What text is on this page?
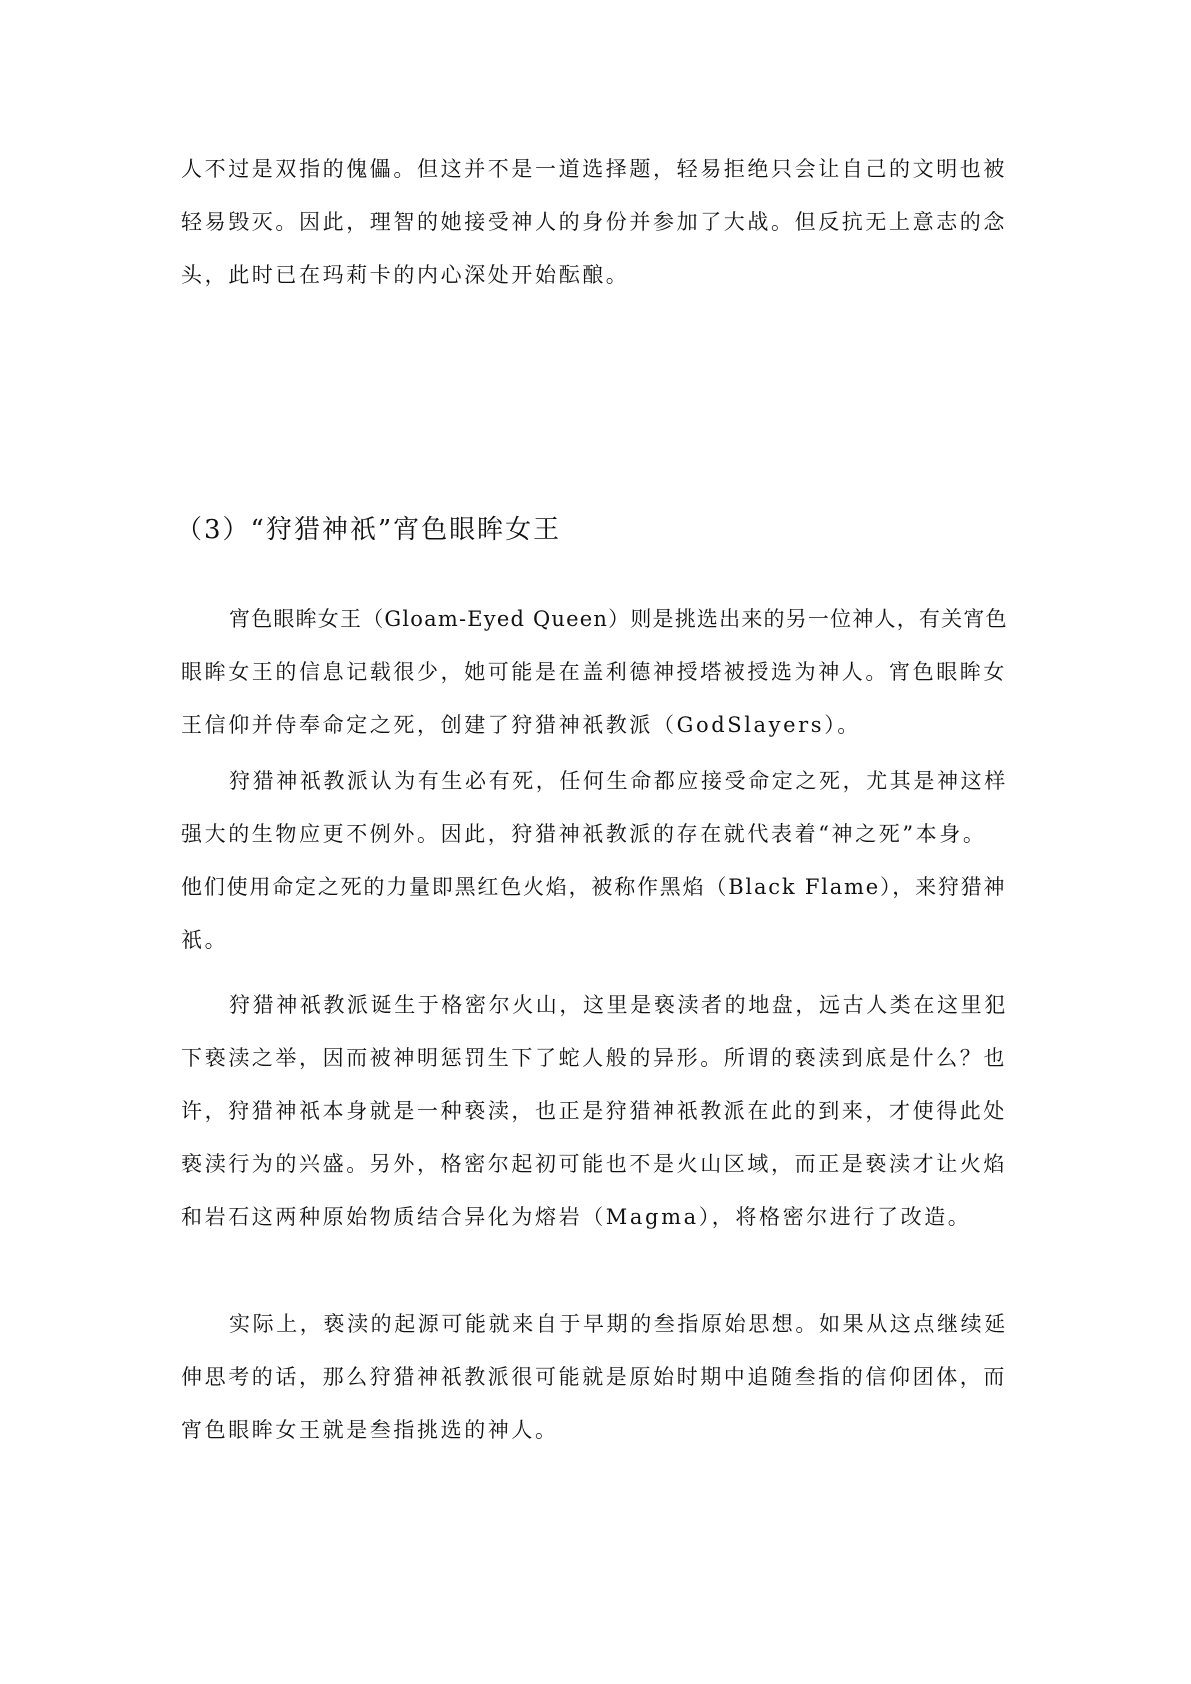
人不过是双指的傀儡。但这并不是一道选择题，轻易拒绝只会让自己的文明也被
轻易毁灭。因此，理智的她接受神人的身份并参加了大战。但反抗无上意志的念
头，此时已在玛莉卡的内心深处开始酝酿。
（3）“狩猎神祇”宵色眼眸女王
宵色眼眸女王（Gloam-Eyed Queen）则是挑选出来的另一位神人，有关宵色
眼眸女王的信息记载很少，她可能是在盖利德神授塔被授选为神人。宵色眼眸女
王信仰并侍奉命定之死，创建了狩猎神祇教派（GodSlayers）。
狩猎神祇教派认为有生必有死，任何生命都应接受命定之死，尤其是神这样
强大的生物应更不例外。因此，狩猎神祇教派的存在就代表着“神之死”本身。
他们使用命定之死的力量即黑红色火焰，被称作黑焰（Black Flame），来狩猎神
祇。
狩猎神祇教派诞生于格密尔火山，这里是亵渎者的地盘，远古人类在这里犯
下亵渎之举，因而被神明惩罚生下了蛇人般的异形。所谓的亵渎到底是什么？也
许，狩猎神祇本身就是一种亵渎，也正是狩猎神祇教派在此的到来，才使得此处
亵渎行为的兴盛。另外，格密尔起初可能也不是火山区域，而正是亵渎才让火焰
和岩石这两种原始物质结合异化为熔岩（Magma），将格密尔进行了改造。
实际上，亵渎的起源可能就来自于早期的叁指原始思想。如果从这点继续延
伸思考的话，那么狩猎神祇教派很可能就是原始时期中追随叁指的信仰团体，而
宵色眼眸女王就是叁指挑选的神人。
